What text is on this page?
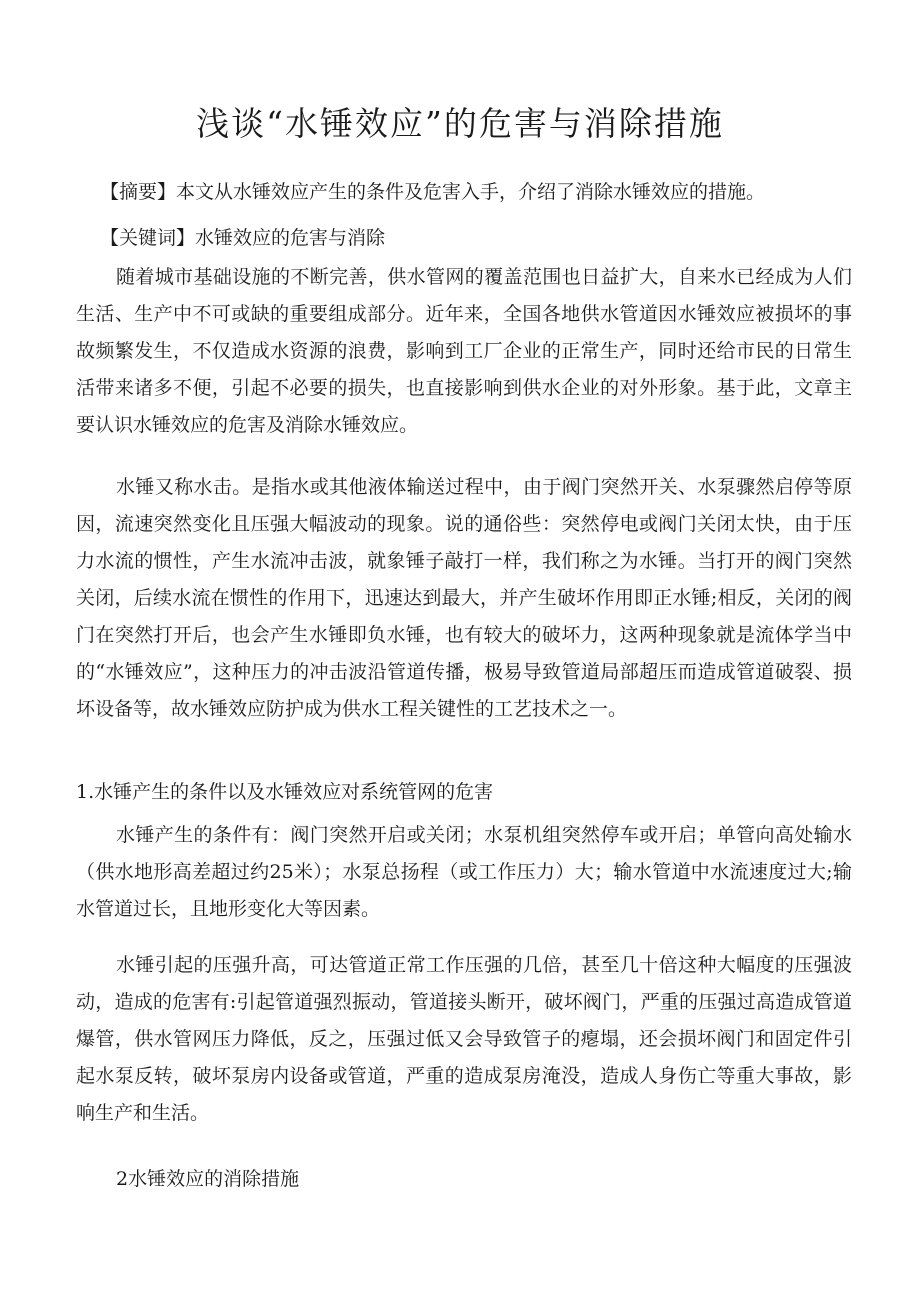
浅谈“水锤效应”的危害与消除措施

【摘要】本文从水锤效应产生的条件及危害入手，介绍了消除水锤效应的措施。

【关键词】水锤效应的危害与消除

随着城市基础设施的不断完善，供水管网的覆盖范围也日益扩大，自来水已经成为人们生活、生产中不可或缺的重要组成部分。近年来，全国各地供水管道因水锤效应被损坏的事故频繁发生，不仅造成水资源的浪费，影响到工厂企业的正常生产，同时还给市民的日常生活带来诸多不便，引起不必要的损失，也直接影响到供水企业的对外形象。基于此，文章主要认识水锤效应的危害及消除水锤效应。

水锤又称水击。是指水或其他液体输送过程中，由于阀门突然开关、水泵骤然启停等原因，流速突然变化且压强大幅波动的现象。说的通俗些：突然停电或阀门关闭太快，由于压力水流的惯性，产生水流冲击波，就象锤子敲打一样，我们称之为水锤。当打开的阀门突然关闭，后续水流在惯性的作用下，迅速达到最大，并产生破坏作用即正水锤;相反，关闭的阀门在突然打开后，也会产生水锤即负水锤，也有较大的破坏力，这两种现象就是流体学当中的“水锤效应”，这种压力的冲击波沿管道传播，极易导致管道局部超压而造成管道破裂、损坏设备等，故水锤效应防护成为供水工程关键性的工艺技术之一。

1.水锤产生的条件以及水锤效应对系统管网的危害

水锤产生的条件有：阀门突然开启或关闭；水泵机组突然停车或开启；单管向高处输水（供水地形高差超过约25米）；水泵总扬程（或工作压力）大；输水管道中水流速度过大;输水管道过长，且地形变化大等因素。

水锤引起的压强升高，可达管道正常工作压强的几倍，甚至几十倍这种大幅度的压强波动，造成的危害有:引起管道强烈振动，管道接头断开，破坏阀门，严重的压强过高造成管道爆管，供水管网压力降低，反之，压强过低又会导致管子的瘪塌，还会损坏阀门和固定件引起水泵反转，破坏泵房内设备或管道，严重的造成泵房淹没，造成人身伤亡等重大事故，影响生产和生活。

2水锤效应的消除措施
